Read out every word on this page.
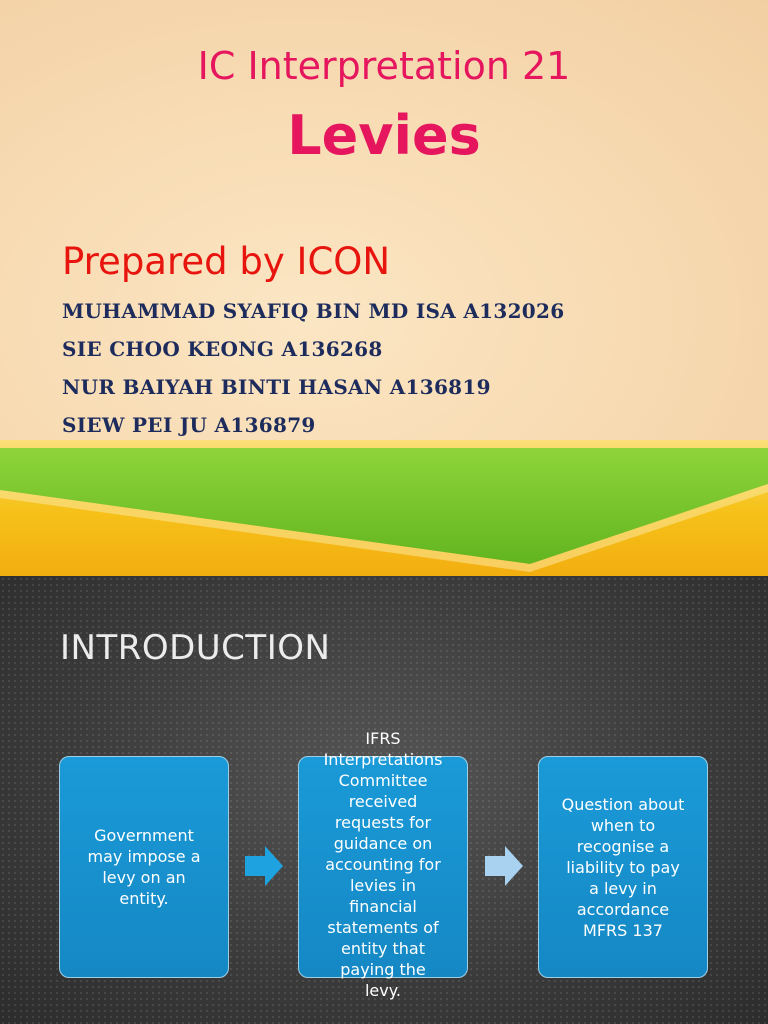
IC Interpretation 21
Levies
Prepared by ICON
MUHAMMAD SYAFIQ BIN MD ISA A132026
SIE CHOO KEONG A136268
NUR BAIYAH BINTI HASAN A136819
SIEW PEI JU A136879
INTRODUCTION
Government
may impose a
levy on an
entity.
IFRS
Interpretations
Committee
received
requests for
guidance on
accounting for
levies in
financial
statements of
entity that
paying the
levy.
Question about
when to
recognise a
liability to pay
a levy in
accordance
MFRS 137
